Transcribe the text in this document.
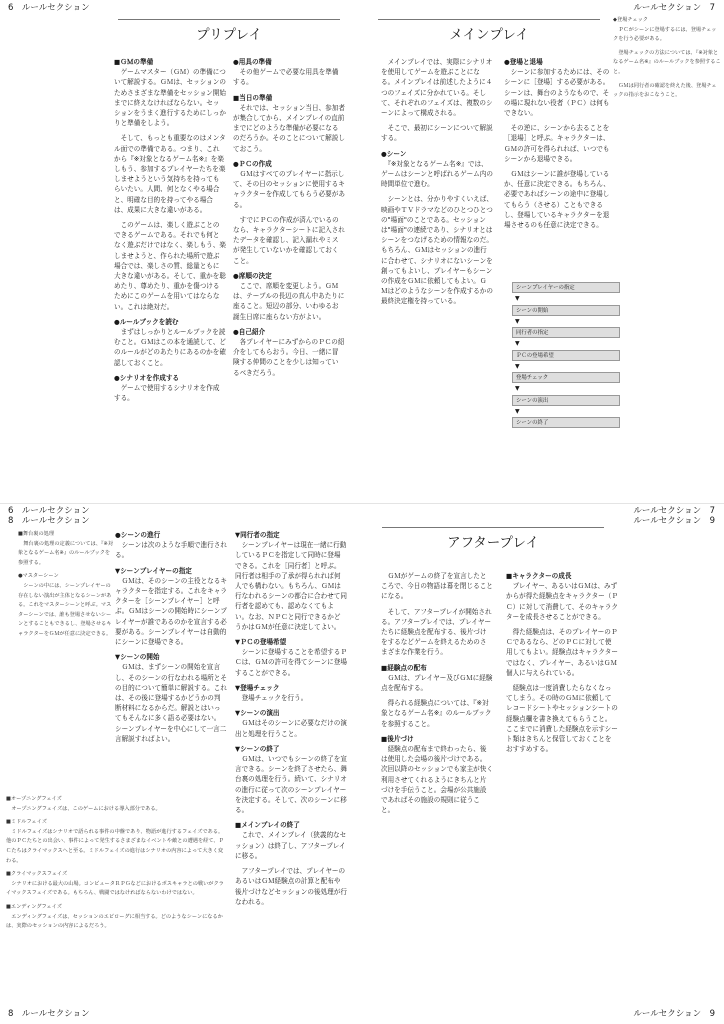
6　ルールセクション	ルールセクション　7
6　ルールセクション
8　ルールセクション
ルールセクション　7
ルールセクション　9
8　ルールセクション	ルールセクション　9
プリプレイ

■ＧＭの準備
　ゲームマスター（ＧＭ）の準備について解説する。ＧＭは、セッションのためさまざまな準備をセッション開始までに終えなければならない。セッションをうまく進行するためにしっかりと準備をしよう。

　そして、もっとも重要なのはメンタル面での準備である。つまり、これから『※対象となるゲーム名※』を楽しもう、参加するプレイヤーたちを楽しませようという気持ちを持ってもらいたい。人間、何となくやる場合と、明確な目的を持ってやる場合は、成果に大きな違いがある。

　このゲームは、楽しく遊ぶことのできるゲームである。それでも何となく遊ぶだけではなく、楽しもう、楽しませようと、作られた場所で遊ぶ場合では、楽しさの質、総量ともに大きな違いがある。そして、重かを聡めたり、尊めたり、重かを傷つけるためにこのゲームを用いてはならない。これは絶対だ。

●ルールブックを読む
　まずはしっかりとルールブックを読むこと。ＧＭはこの本を通読して、どのルールがどのあたりにあるのかを確認しておくこと。

●シナリオを作成する
　ゲームで使用するシナリオを作成する。

●用具の準備
　その他ゲームで必要な用具を準備する。

■当日の準備
　それでは、セッション当日、参加者が集合してから、メインプレイの直前までにどのような準備が必要になるのだろうか。そのことについて解説しておこう。

●ＰＣの作成
　ＧＭはすべてのプレイヤーに指示して、その日のセッションに使用するキャラクターを作成してもらう必要がある。

　すでにＰＣの作成が済んでいるのなら、キャラクターシートに記入されたデータを確認し、記入漏れやミスが発生していないかを確認しておくこと。

●席順の決定
　ここで、席順を変更しよう。ＧＭは、テーブルの長辺の真ん中あたりに座ること。短辺の部分、いわゆるお誕生日席に座らない方がよい。

●自己紹介
　各プレイヤーにみずからのＰＣの紹介をしてもらおう。今日、一緒に冒険する仲間のことを少しは知っているべきだろう。

メインプレイ

　メインプレイでは、実際にシナリオを使用してゲームを遊ぶことになる。メインプレイは前述したように４つのフェイズに分かれている。そして、それぞれのフェイズは、複数のシーンによって構成される。

　そこで、最初にシーンについて解説する。

●シーン
　『※対象となるゲーム名※』では、ゲームはシーンと呼ばれるゲーム内の時間単位で進む。

　シーンとは、分かりやすくいえば、映画やＴＶドラマなどのひとつひとつの"場面"のことである。セッションは"場面"の連続であり、シナリオとはシーンをつなげるための情報なのだ。もちろん、ＧＭはセッションの進行に合わせて、シナリオにないシーンを創ってもよいし、プレイヤーもシーンの作成をＧＭに依頼してもよい。ＧＭはどのようなシーンを作成するかの最終決定権を持っている。

●登場と退場
　シーンに参加するためには、そのシーンに［登場］する必要がある。シーンは、舞台のようなもので、その場に現れない役者（ＰＣ）は何もできない。

　その逆に、シーンから去ることを［退場］と呼ぶ。キャラクターは、ＧＭの許可を得られれば、いつでもシーンから退場できる。

　ＧＭはシーンに誰が登場しているか、任意に決定できる。もちろん、必要であればシーンの途中に登場してもらう（させる）こともできるし、登場しているキャラクターを退場させるのも任意に決定できる。

◆登場チェック
　ＰＣがシーンに登場するには、登場チェックを行う必要がある。

　登場チェックの方法については、『※対象となるゲーム名※』のルールブックを参照すること。

　ＧＭは同行者の確認を終えた後、登場チェックの指示をおこなうこと。

シーンプレイヤーの指定
▼
シーンの開始
▼
同行者の指定
▼
ＰＣの登場希望
▼
登場チェック
▼
シーンの演出
▼
シーンの終了

■舞台裏の処理
　舞台裏の処理の定義については、『※対象となるゲーム名※』のルールブックを参照する。

●マスターシーン
　シーンの中には、シーンプレイヤーの存在しない演出が主体となるシーンがある。これをマスターシーンと呼ぶ。マスターシーンでは、誰も登場させないシーンとすることもできるし、登場させるキャラクターをＧＭが任意に決定できる。

●シーンの進行
　シーンは次のような手順で進行される。

▼シーンプレイヤーの指定
　ＧＭは、そのシーンの主役となるキャラクターを指定する。これをキャラクターを［シーンプレイヤー］と呼ぶ。ＧＭはシーンの開始時にシーンプレイヤーが誰であるのかを宣言する必要がある。シーンプレイヤーは自動的にシーンに登場できる。

▼シーンの開始
　ＧＭは、まずシーンの開始を宣言し、そのシーンの行なわれる場所とその目的について簡単に解説する。これは、その後に登場するかどうかの判断材料になるからだ。解説とはいってもそんなに多く語る必要はない。シーンプレイヤーを中心にして一言二言解説すればよい。

▼同行者の指定
　シーンプレイヤーは現在一緒に行動しているＰＣを指定して同時に登場できる。これを［同行者］と呼ぶ。同行者は相手の了承が得られれば何人でも構わない。もちろん、ＧＭは行なわれるシーンの都合に合わせて同行者を認めても、認めなくてもよい。なお、ＮＰＣと同行できるかどうかはＧＭが任意に決定してよい。

▼ＰＣの登場希望
　シーンに登場することを希望するＰＣは、ＧＭの許可を得てシーンに登場することができる。

▼登場チェック
　登場チェックを行う。

▼シーンの演出
　ＧＭはそのシーンに必要なだけの演出と処理を行うこと。

▼シーンの終了
　ＧＭは、いつでもシーンの終了を宣言できる。シーンを終了させたら、舞台裏の処理を行う。続いて、シナリオの進行に従って次のシーンプレイヤーを決定する。そして、次のシーンに移る。

■メインプレイの終了
　これで、メインプレイ（狭義的なセッション）は終了し、アフタープレイに移る。

　アフタープレイでは、プレイヤーのあるいはＧＭ経験点の計算と配布や後片づけなどセッションの後処理が行なわれる。

■オープニングフェイズ
　オープニングフェイズは、このゲームにおける導入部分である。

■ミドルフェイズ
　ミドルフェイズはシナリオで語られる事件の中盤であり、物語が進行するフェイズである。他のＰＣたちとの出会い、事件によって発生するさまざまなイベントや敵との遭遇を経て、ＰＣたちはクライマックスへと至る。ミドルフェイズの進行はシナリオの内容によって大きく変わる。

■クライマックスフェイズ
　シナリオにおける最大の山場。コンピュータＲＰＧなどにおけるボスキャラとの戦いがクライマックスフェイズである。もちろん、戦闘ではなければならないわけではない。

■エンディングフェイズ
　エンディングフェイズは、セッションのエピローグに相当する。どのようなシーンになるかは、実際のセッションの内容によるだろう。

アフタープレイ

　ＧＭがゲームの終了を宣言したところで、今日の物語は幕を閉じることになる。

　そして、アフタープレイが開始される。アフタープレイでは、プレイヤーたちに経験点を配布する、後片づけをするなどゲームを終えるためのさまざまな作業を行う。

■経験点の配布
　ＧＭは、プレイヤー及びＧＭに経験点を配布する。

　得られる経験点については、『※対象となるゲーム名※』のルールブックを参照すること。

■後片づけ
　経験点の配布まで終わったら、後は使用した会場の後片づけである。次回以降のセッションでも家主が快く利用させてくれるようにきちんと片づけを手伝うこと。会場が公共施設であればその施設の規則に従うこと。

■キャラクターの成長
　プレイヤー、あるいはＧＭは、みずからが得た経験点をキャラクター（ＰＣ）に対して消費して、そのキャラクターを成長させることができる。

　得た経験点は、そのプレイヤーのＰＣであるなら、どのＰＣに対して使用してもよい。経験点はキャラクターではなく、プレイヤー、あるいはＧＭ個人に与えられている。

　経験点は一度消費したらなくなってしまう。その時のＧＭに依頼してレコードシートやセッションシートの経験点欄を書き換えてもらうこと。ここまでに消費した経験点を示すシート類はきちんと保管しておくことをおすすめする。
